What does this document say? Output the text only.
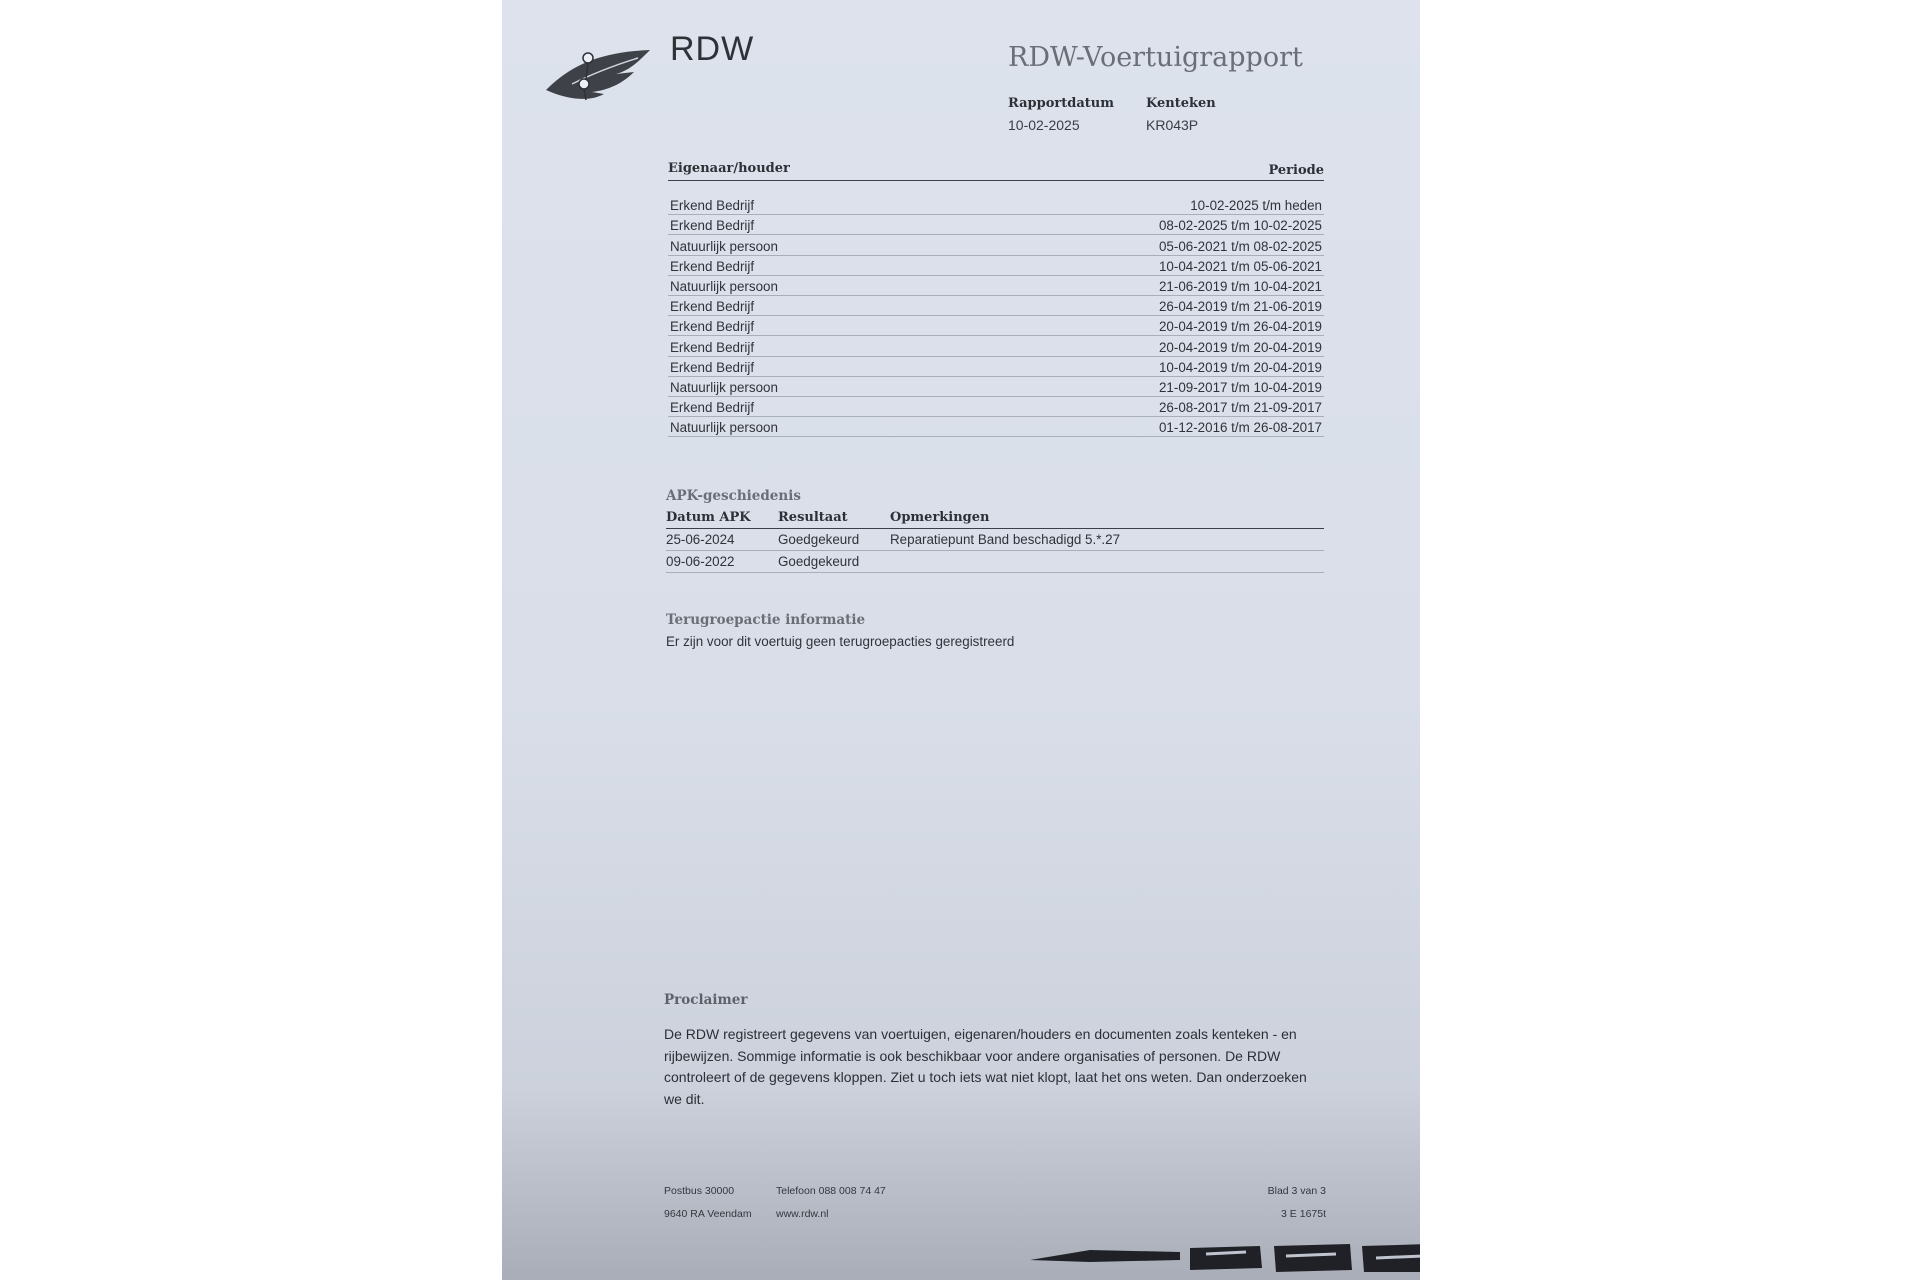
RDW	RDW-Voertuigrapport
Rapportdatum
10-02-2025
Kenteken
KR043P
Eigenaar/houder	Periode
Erkend Bedrijf	10-02-2025 t/m heden
Erkend Bedrijf	08-02-2025 t/m 10-02-2025
Natuurlijk persoon	05-06-2021 t/m 08-02-2025
Erkend Bedrijf	10-04-2021 t/m 05-06-2021
Natuurlijk persoon	21-06-2019 t/m 10-04-2021
Erkend Bedrijf	26-04-2019 t/m 21-06-2019
Erkend Bedrijf	20-04-2019 t/m 26-04-2019
Erkend Bedrijf	20-04-2019 t/m 20-04-2019
Erkend Bedrijf	10-04-2019 t/m 20-04-2019
Natuurlijk persoon	21-09-2017 t/m 10-04-2019
Erkend Bedrijf	26-08-2017 t/m 21-09-2017
Natuurlijk persoon	01-12-2016 t/m 26-08-2017
APK-geschiedenis
Datum APK	Resultaat	Opmerkingen
25-06-2024	Goedgekeurd	Reparatiepunt Band beschadigd 5.*.27
09-06-2022	Goedgekeurd	
Terugroepactie informatie
Er zijn voor dit voertuig geen terugroepacties geregistreerd
Proclaimer

De RDW registreert gegevens van voertuigen, eigenaren/houders en documenten zoals kenteken - en rijbewijzen. Sommige informatie is ook beschikbaar voor andere organisaties of personen. De RDW controleert of de gegevens kloppen. Ziet u toch iets wat niet klopt, laat het ons weten. Dan onderzoeken we dit.

Postbus 30000
9640 RA Veendam
Telefoon 088 008 74 47
www.rdw.nl
Blad 3 van 3
3 E 1675t
